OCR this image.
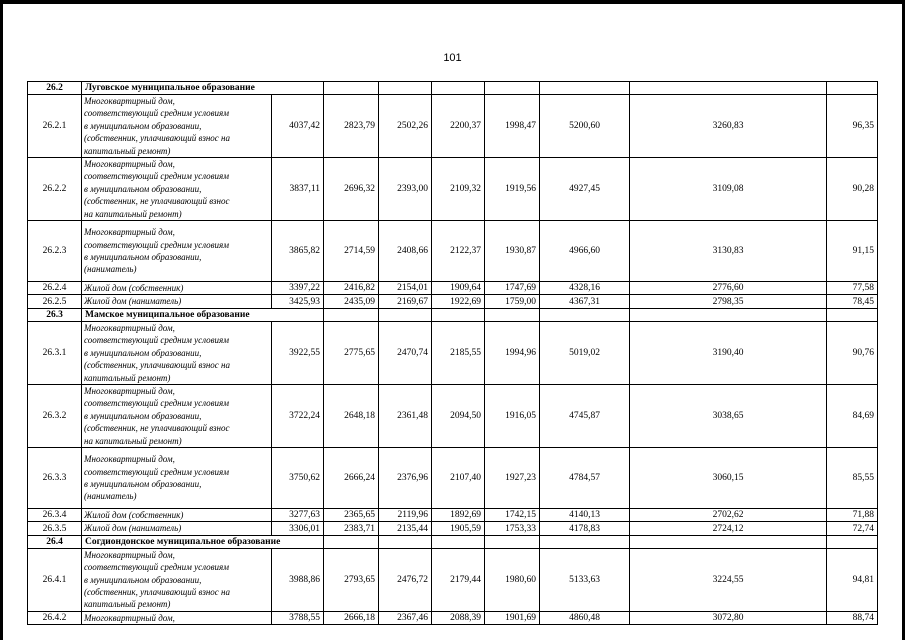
101
26.2	Луговское муниципальное образование								
26.2.1	Многоквартирный дом,
соответствующий средним условиям
в муниципальном образовании,
(собственник, уплачивающий взнос на
капитальный ремонт)	4037,42	2823,79	2502,26	2200,37	1998,47	5200,60	3260,83	96,35
26.2.2	Многоквартирный дом,
соответствующий средним условиям
в муниципальном образовании,
(собственник, не уплачивающий взнос
на капитальный ремонт)	3837,11	2696,32	2393,00	2109,32	1919,56	4927,45	3109,08	90,28
26.2.3	Многоквартирный дом,
соответствующий средним условиям
в муниципальном образовании,
(наниматель)	3865,82	2714,59	2408,66	2122,37	1930,87	4966,60	3130,83	91,15
26.2.4	Жилой дом (собственник)	3397,22	2416,82	2154,01	1909,64	1747,69	4328,16	2776,60	77,58
26.2.5	Жилой дом (наниматель)	3425,93	2435,09	2169,67	1922,69	1759,00	4367,31	2798,35	78,45
26.3	Мамское муниципальное образование								
26.3.1	Многоквартирный дом,
соответствующий средним условиям
в муниципальном образовании,
(собственник, уплачивающий взнос на
капитальный ремонт)	3922,55	2775,65	2470,74	2185,55	1994,96	5019,02	3190,40	90,76
26.3.2	Многоквартирный дом,
соответствующий средним условиям
в муниципальном образовании,
(собственник, не уплачивающий взнос
на капитальный ремонт)	3722,24	2648,18	2361,48	2094,50	1916,05	4745,87	3038,65	84,69
26.3.3	Многоквартирный дом,
соответствующий средним условиям
в муниципальном образовании,
(наниматель)	3750,62	2666,24	2376,96	2107,40	1927,23	4784,57	3060,15	85,55
26.3.4	Жилой дом (собственник)	3277,63	2365,65	2119,96	1892,69	1742,15	4140,13	2702,62	71,88
26.3.5	Жилой дом (наниматель)	3306,01	2383,71	2135,44	1905,59	1753,33	4178,83	2724,12	72,74
26.4	Согдиондонское муниципальное образование								
26.4.1	Многоквартирный дом,
соответствующий средним условиям
в муниципальном образовании,
(собственник, уплачивающий взнос на
капитальный ремонт)	3988,86	2793,65	2476,72	2179,44	1980,60	5133,63	3224,55	94,81
26.4.2	Многоквартирный дом,	3788,55	2666,18	2367,46	2088,39	1901,69	4860,48	3072,80	88,74
